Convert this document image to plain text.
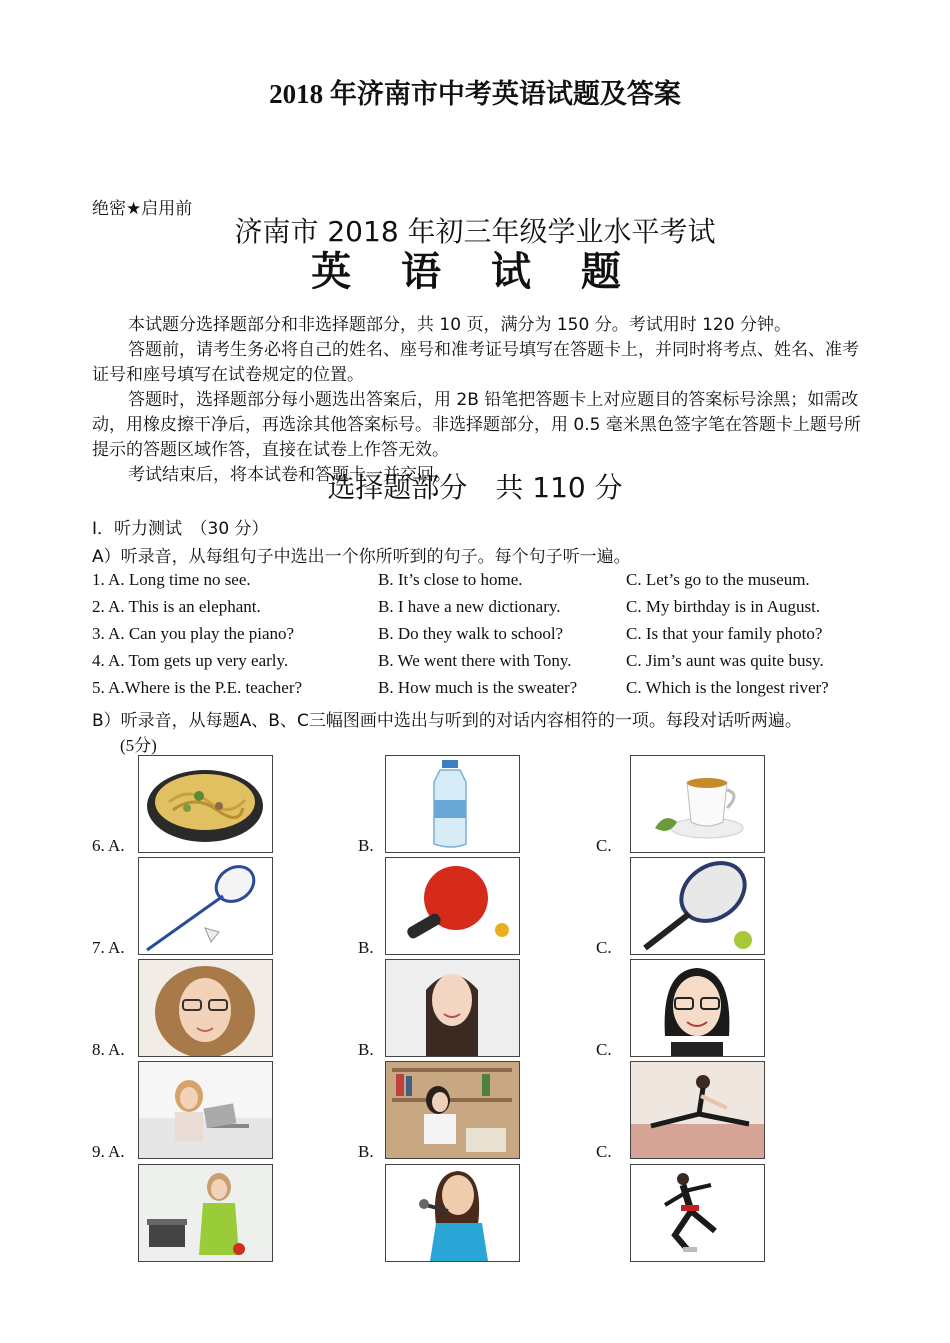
2018 年济南市中考英语试题及答案
绝密★启用前
济南市 2018 年初三年级学业水平考试
英 语 试 题
本试题分选择题部分和非选择题部分，共 10 页，满分为 150 分。考试用时 120 分钟。
答题前，请考生务必将自己的姓名、座号和准考证号填写在答题卡上，并同时将考点、姓名、准考证号和座号填写在试卷规定的位置。
答题时，选择题部分每小题选出答案后，用 2B 铅笔把答题卡上对应题目的答案标号涂黑；如需改动，用橡皮擦干净后，再选涂其他答案标号。非选择题部分，用 0.5 毫米黑色签字笔在答题卡上题号所提示的答题区域作答，直接在试卷上作答无效。
考试结束后，将本试卷和答题卡一并交回。
选择题部分　共 110 分
I．听力测试　（30 分）
A）听录音，从每组句子中选出一个你所听到的句子。每个句子听一遍。
1. A. Long time no see.	B. It’s close to home.	C. Let’s go to the museum.
2. A. This is an elephant.	B. I have a new dictionary.	C. My birthday is in August.
3. A. Can you play the piano?	B. Do they walk to school?	C. Is that your family photo?
4. A. Tom gets up very early.	B. We went there with Tony.	C. Jim’s aunt was quite busy.
5. A.Where is the P.E. teacher?	B. How much is the sweater?	C. Which is the longest river?
B）听录音，从每题A、B、C三幅图画中选出与听到的对话内容相符的一项。每段对话听两遍。
(5分)
6. A.	B.	C.
7. A.	B.	C.
8. A.	B.	C.
9. A.	B.	C.
